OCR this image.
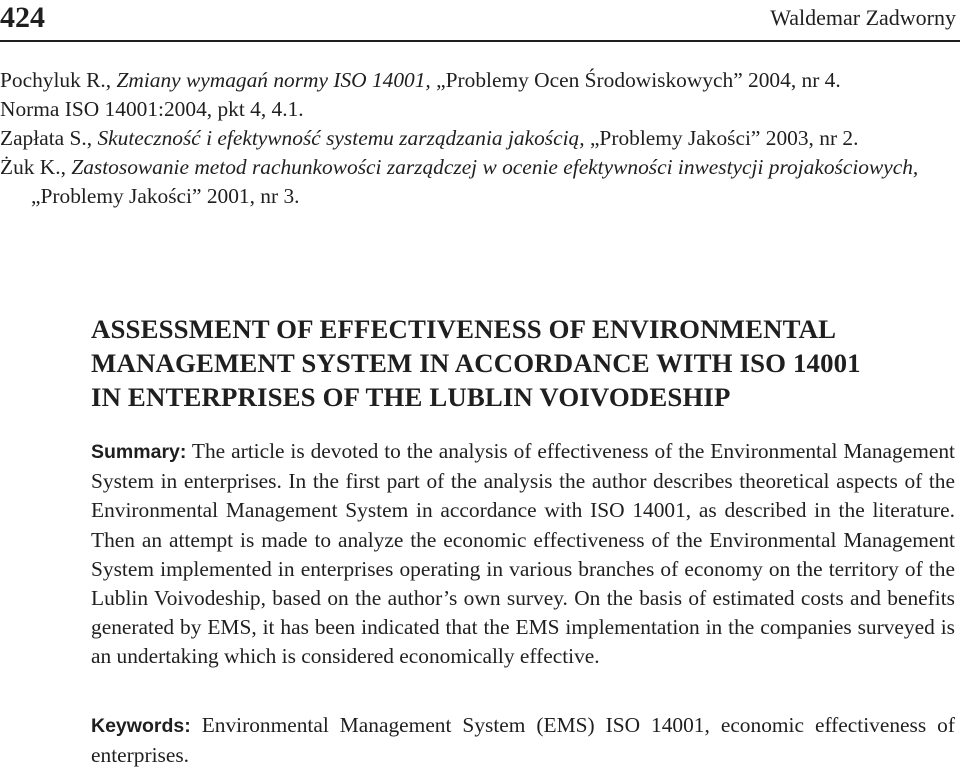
424	Waldemar Zadworny

Pochyluk R., Zmiany wymagań normy ISO 14001, „Problemy Ocen Środowiskowych” 2004, nr 4.

Norma ISO 14001:2004, pkt 4, 4.1.

Zapłata S., Skuteczność i efektywność systemu zarządzania jakością, „Problemy Jakości” 2003, nr 2.

Żuk K., Zastosowanie metod rachunkowości zarządczej w ocenie efektywności inwestycji projakościowych, „Problemy Jakości” 2001, nr 3.

ASSESSMENT OF EFFECTIVENESS OF ENVIRONMENTAL
MANAGEMENT SYSTEM IN ACCORDANCE WITH ISO 14001
IN ENTERPRISES OF THE LUBLIN VOIVODESHIP

Summary: The article is devoted to the analysis of effectiveness of the Environmental Management System in enterprises. In the first part of the analysis the author describes theoretical aspects of the Environmental Management System in accordance with ISO 14001, as described in the literature. Then an attempt is made to analyze the economic effectiveness of the Environmental Management System implemented in enterprises operating in various branches of economy on the territory of the Lublin Voivodeship, based on the author’s own survey. On the basis of estimated costs and benefits generated by EMS, it has been indicated that the EMS implementation in the companies surveyed is an undertaking which is considered economically effective.

Keywords: Environmental Management System (EMS) ISO 14001, economic effectiveness of enterprises.
